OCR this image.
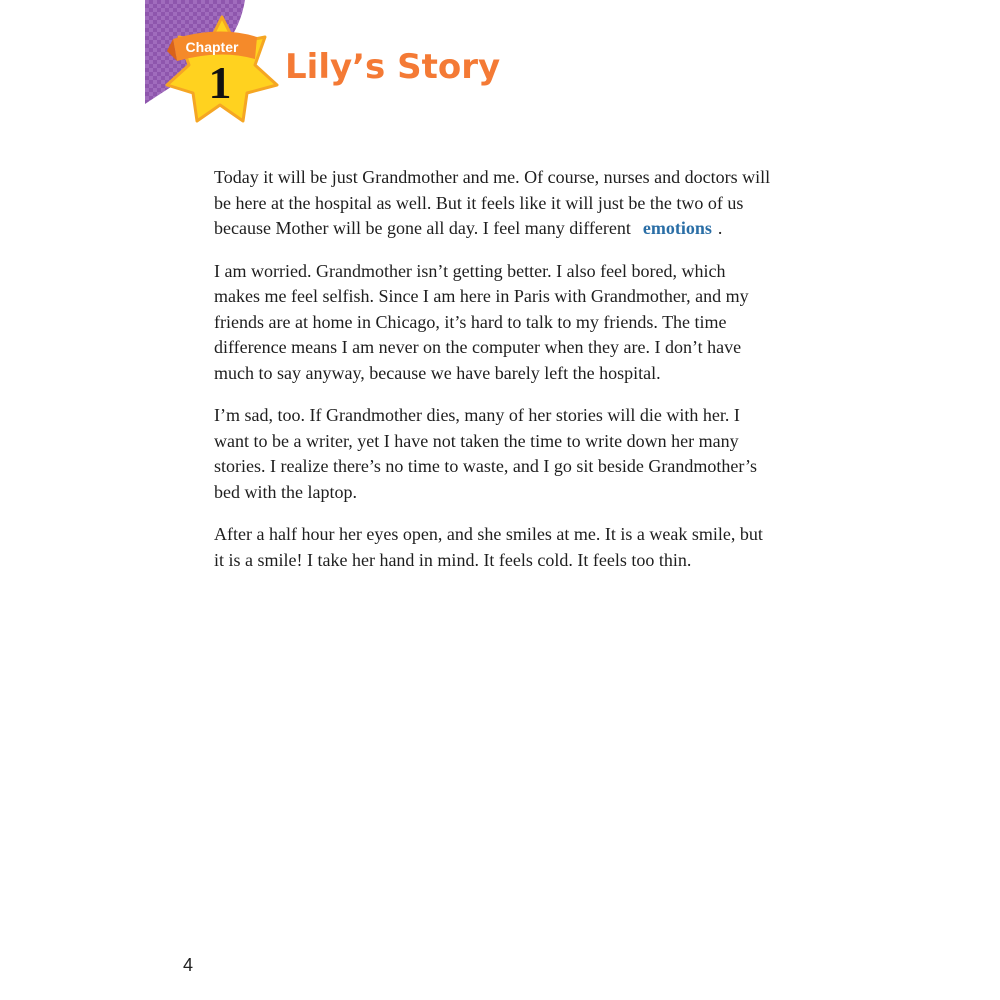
Chapter
1	Lily’s Story

Today it will be just Grandmother and me. Of course, nurses and doctors will be here at the hospital as well. But it feels like it will just be the two of us because Mother will be gone all day. I feel many different emotions .

I am worried. Grandmother isn’t getting better. I also feel bored, which makes me feel selfish. Since I am here in Paris with Grandmother, and my friends are at home in Chicago, it’s hard to talk to my friends. The time difference means I am never on the computer when they are. I don’t have much to say anyway, because we have barely left the hospital.

I’m sad, too. If Grandmother dies, many of her stories will die with her. I want to be a writer, yet I have not taken the time to write down her many stories. I realize there’s no time to waste, and I go sit beside Grandmother’s bed with the laptop.

After a half hour her eyes open, and she smiles at me. It is a weak smile, but it is a smile! I take her hand in mind. It feels cold. It feels too thin.

4
